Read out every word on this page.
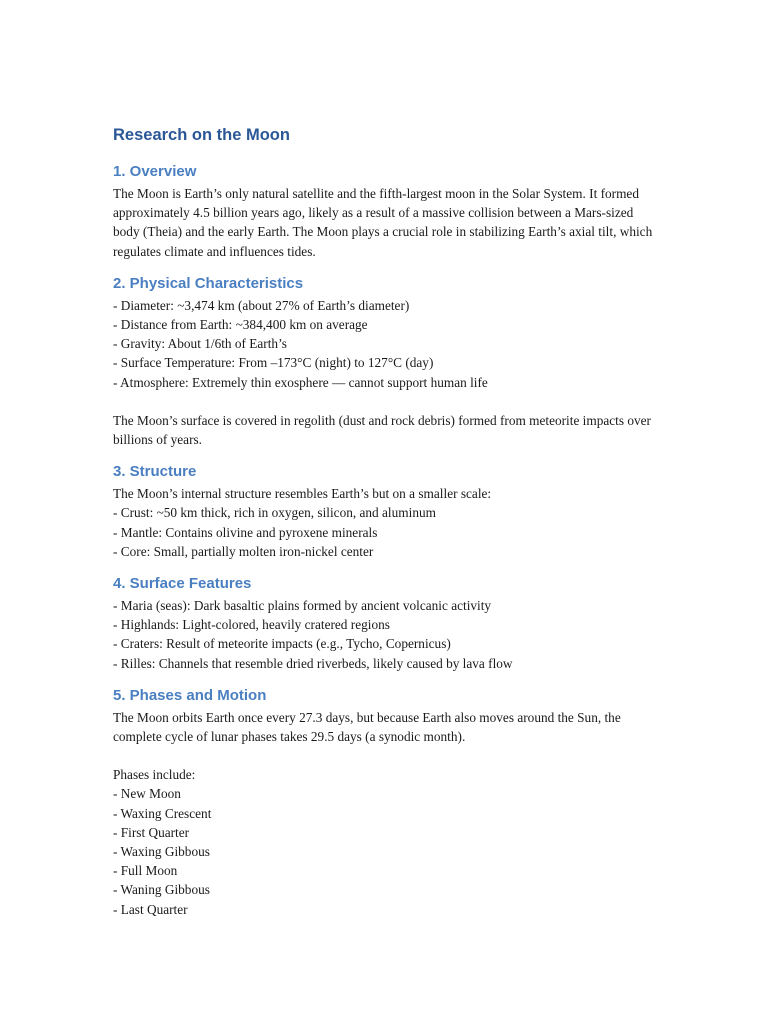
Research on the Moon
1. Overview

The Moon is Earth’s only natural satellite and the fifth-largest moon in the Solar System. It formed approximately 4.5 billion years ago, likely as a result of a massive collision between a Mars-sized body (Theia) and the early Earth. The Moon plays a crucial role in stabilizing Earth’s axial tilt, which regulates climate and influences tides.

2. Physical Characteristics
- Diameter: ~3,474 km (about 27% of Earth’s diameter)
- Distance from Earth: ~384,400 km on average
- Gravity: About 1/6th of Earth’s
- Surface Temperature: From –173°C (night) to 127°C (day)
- Atmosphere: Extremely thin exosphere — cannot support human life

The Moon’s surface is covered in regolith (dust and rock debris) formed from meteorite impacts over billions of years.

3. Structure

The Moon’s internal structure resembles Earth’s but on a smaller scale:

- Crust: ~50 km thick, rich in oxygen, silicon, and aluminum
- Mantle: Contains olivine and pyroxene minerals
- Core: Small, partially molten iron-nickel center
4. Surface Features
- Maria (seas): Dark basaltic plains formed by ancient volcanic activity
- Highlands: Light-colored, heavily cratered regions
- Craters: Result of meteorite impacts (e.g., Tycho, Copernicus)
- Rilles: Channels that resemble dried riverbeds, likely caused by lava flow
5. Phases and Motion

The Moon orbits Earth once every 27.3 days, but because Earth also moves around the Sun, the complete cycle of lunar phases takes 29.5 days (a synodic month).

Phases include:

- New Moon
- Waxing Crescent
- First Quarter
- Waxing Gibbous
- Full Moon
- Waning Gibbous
- Last Quarter
